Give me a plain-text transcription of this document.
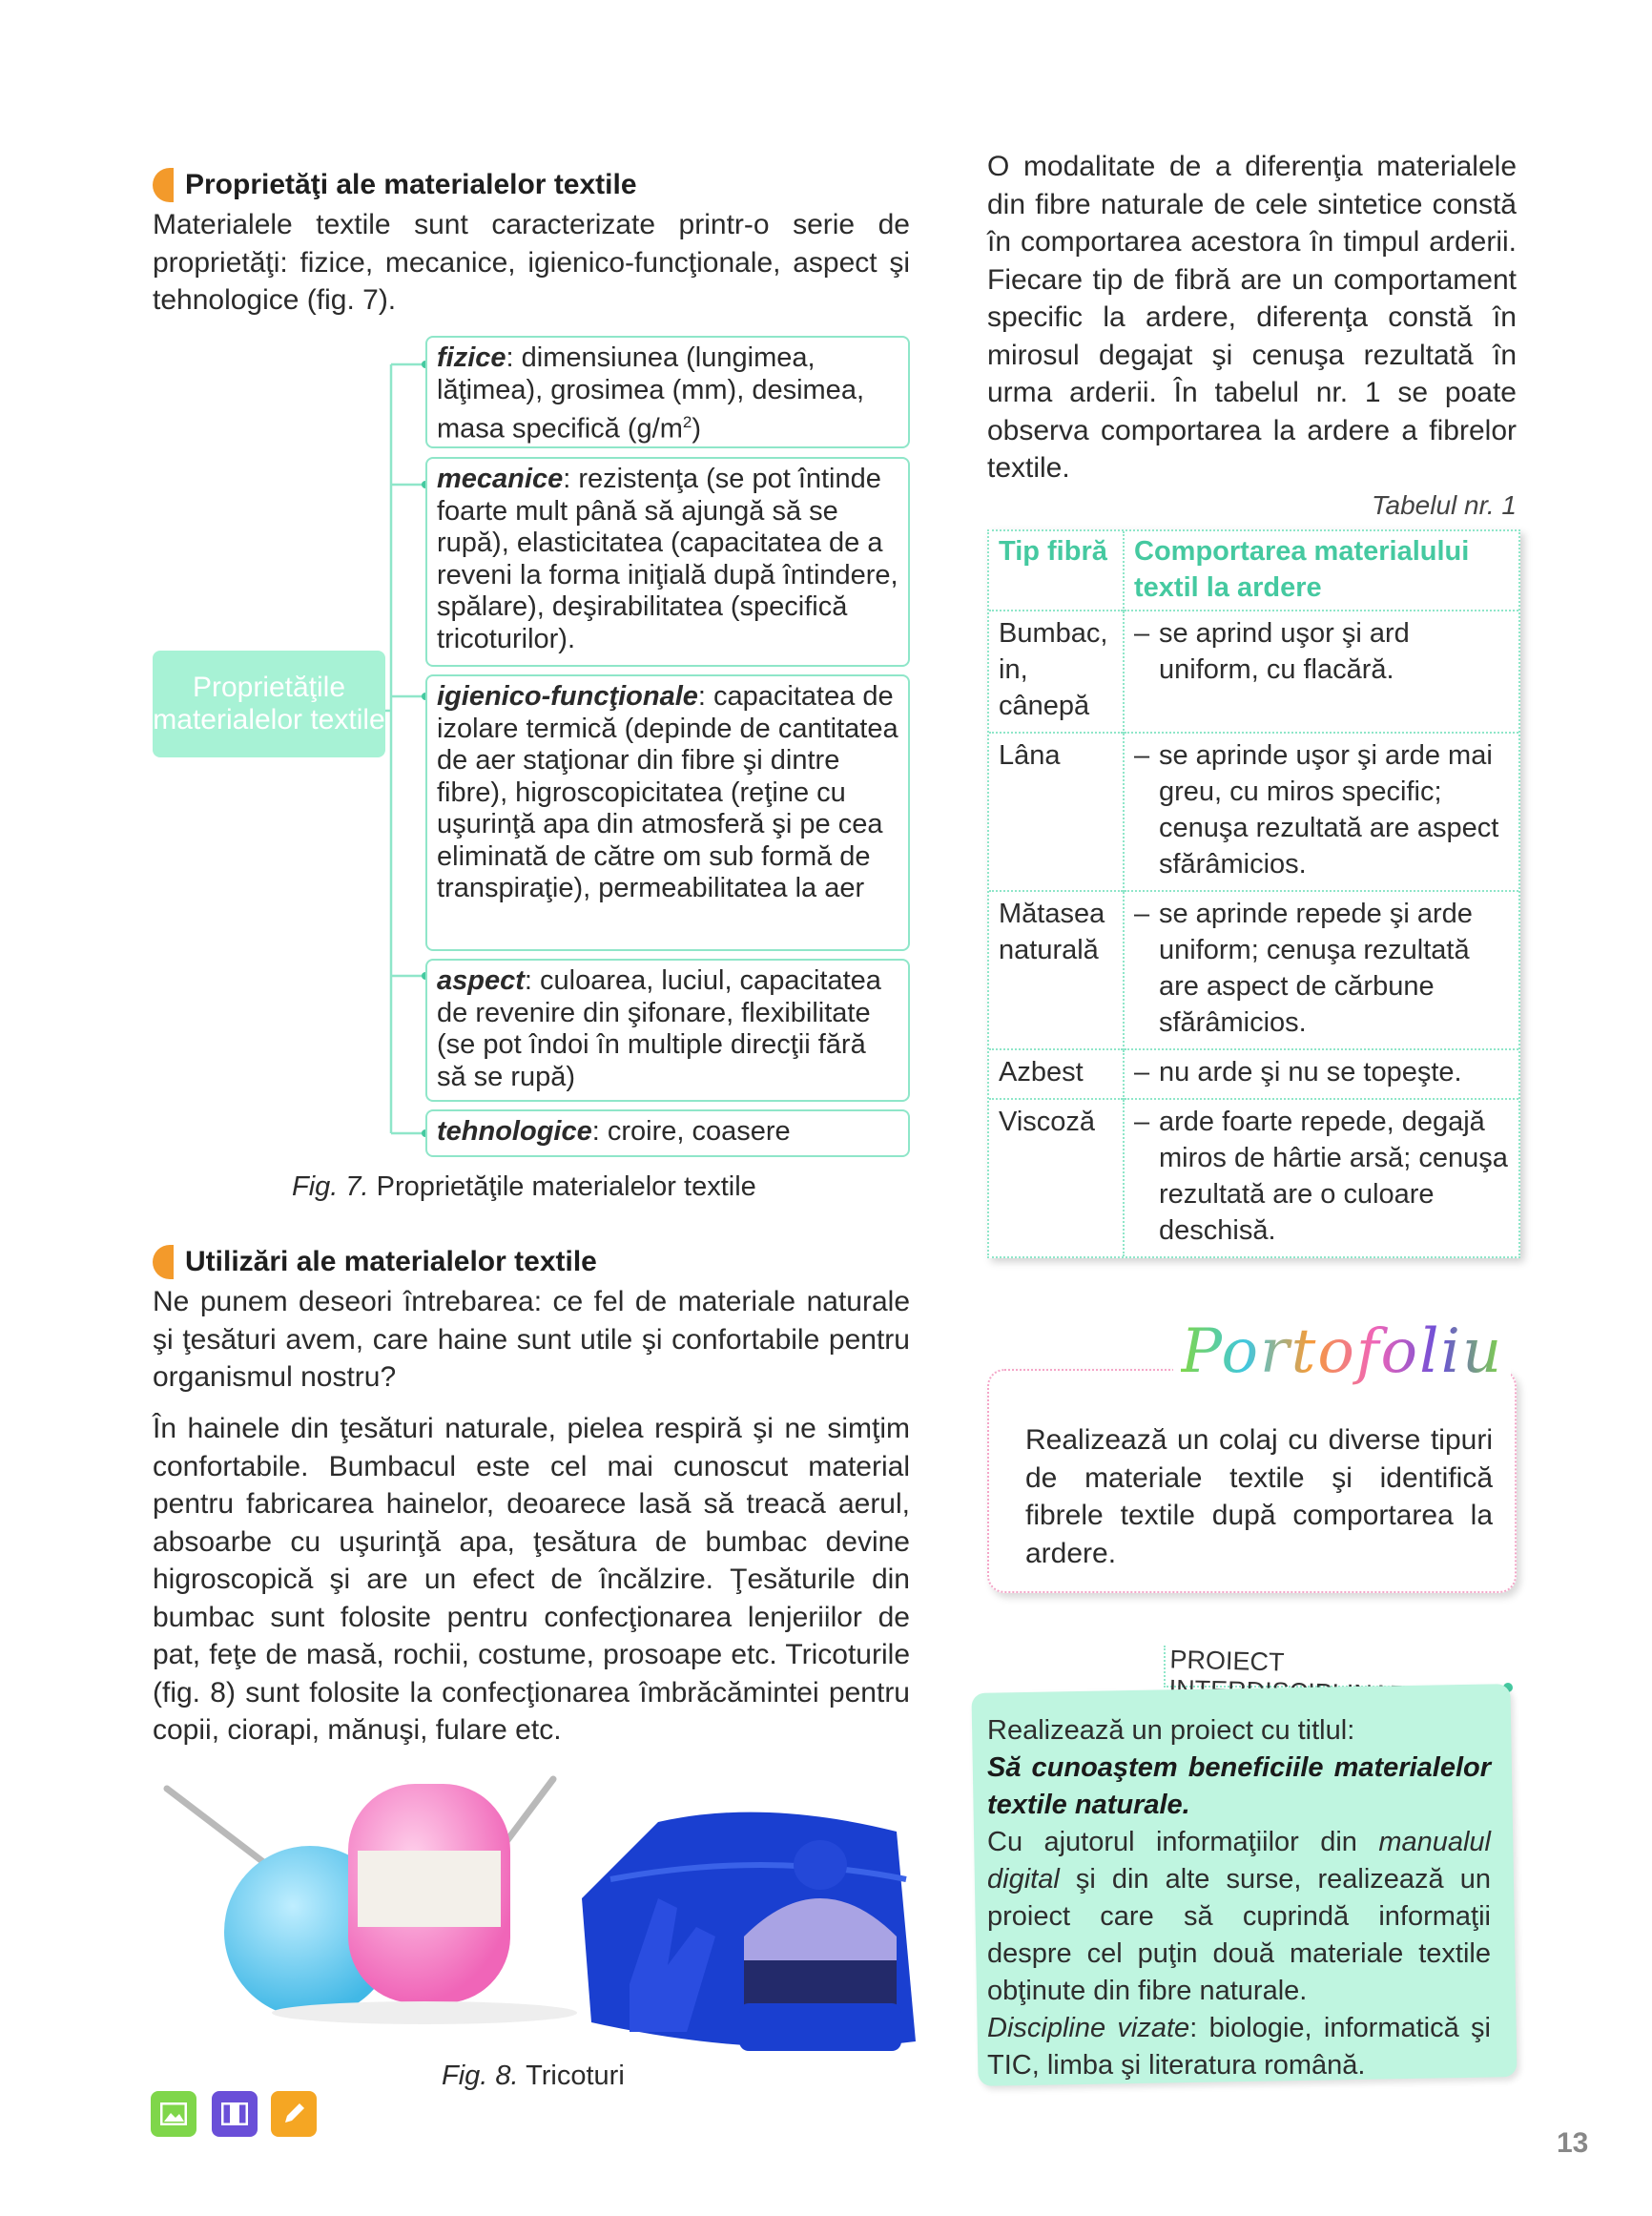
Proprietăţi ale materialelor textile

Materialele textile sunt caracterizate printr-o serie de proprietăţi: fizice, mecanice, igienico-funcţionale, aspect şi tehnologice (fig. 7).

Proprietăţile materialelor textile
fizice: dimensiunea (lungimea, lăţimea), grosimea (mm), desimea, masa specifică $(g/m^2)$
mecanice: rezistenţa (se pot întinde foarte mult până să ajungă să se rupă), elasticitatea (capacitatea de a reveni la forma iniţială după întindere, spălare), deşirabilitatea (specifică tricoturilor).
igienico-funcţionale: capacitatea de izolare termică (depinde de cantitatea de aer staţionar din fibre şi dintre fibre), higroscopicitatea (reţine cu uşurinţă apa din atmosferă şi pe cea eliminată de către om sub formă de transpiraţie), permeabilitatea la aer
aspect: culoarea, luciul, capacitatea de revenire din şifonare, flexibilitate (se pot îndoi în multiple direcţii fără să se rupă)
tehnologice: croire, coasere
Fig. 7. Proprietăţile materialelor textile
Utilizări ale materialelor textile

Ne punem deseori întrebarea: ce fel de materiale naturale şi ţesături avem, care haine sunt utile şi confortabile pentru organismul nostru?

În hainele din ţesături naturale, pielea respiră şi ne simţim confortabile. Bumbacul este cel mai cunoscut material pentru fabricarea hainelor, deoarece lasă să treacă aerul, absoarbe cu uşurinţă apa, ţesătura de bumbac devine higroscopică şi are un efect de încălzire. Ţesăturile din bumbac sunt folosite pentru confecţionarea lenjeriilor de pat, feţe de masă, rochii, costume, prosoape etc. Tricoturile (fig. 8) sunt folosite la confecţionarea îmbrăcămintei pentru copii, ciorapi, mănuşi, fulare etc.

Fig. 8. Tricoturi

O modalitate de a diferenţia materialele din fibre naturale de cele sintetice constă în comportarea acestora în timpul arderii. Fiecare tip de fibră are un comportament specific la ardere, diferenţa constă în mirosul degajat şi cenuşa rezultată în urma arderii. În tabelul nr. 1 se poate observa comportarea la ardere a fibrelor textile.

Tabelul nr. 1
Tip fibră	Comportarea materialului textil la ardere
Bumbac, in, cânepă	– se aprind uşor şi ard uniform, cu flacără.

Lâna	– se aprinde uşor şi arde mai greu, cu miros specific; cenuşa rezultată are aspect sfărâmicios.

Mătasea naturală	– se aprinde repede şi arde uniform; cenuşa rezultată are aspect de cărbune sfărâmicios.

Azbest	– nu arde şi nu se topeşte.

Viscoză	– arde foarte repede, degajă miros de hârtie arsă; cenuşa rezultată are o culoare deschisă.
Portofoliu

Realizează un colaj cu diverse tipuri de materiale textile şi identifică fibrele textile după comportarea la ardere.

PROIECT
Realizează un proiect cu titlul:
Să cunoaştem beneficiile materialelor textile naturale.
Cu ajutorul informaţiilor din manualul digital şi din alte surse, realizează un proiect care să cuprindă informaţii despre cel puţin două materiale textile obţinute din fibre naturale.
Discipline vizate: biologie, informatică şi TIC, limba şi literatura română.
13
